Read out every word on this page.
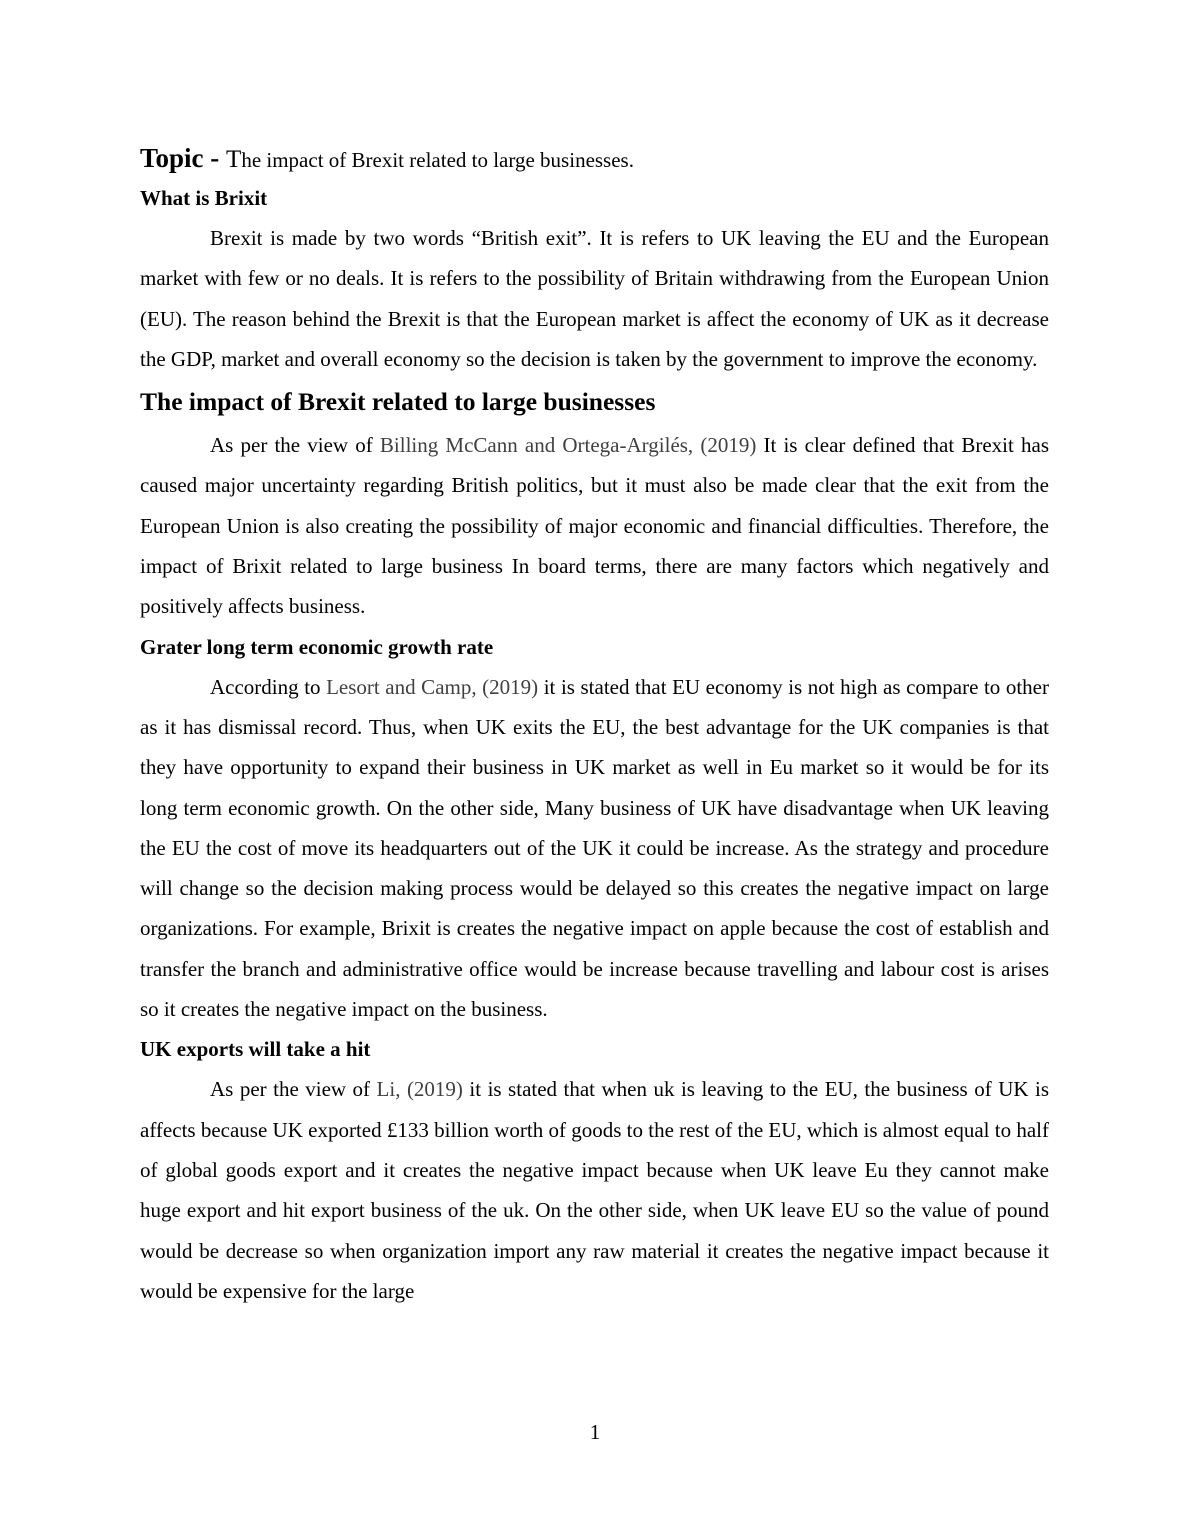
Topic - The impact of Brexit related to large businesses.

What is Brixit

Brexit is made by two words “British exit”. It is refers to UK leaving the EU and the European market with few or no deals. It is refers to the possibility of Britain withdrawing from the European Union (EU). The reason behind the Brexit is that the European market is affect the economy of UK as it decrease the GDP, market and overall economy so the decision is taken by the government to improve the economy.

The impact of Brexit related to large businesses

As per the view of Billing McCann and Ortega-Argilés, (2019) It is clear defined that Brexit has caused major uncertainty regarding British politics, but it must also be made clear that the exit from the European Union is also creating the possibility of major economic and financial difficulties. Therefore, the impact of Brixit related to large business In board terms, there are many factors which negatively and positively affects business.

Grater long term economic growth rate

According to Lesort and Camp, (2019) it is stated that EU economy is not high as compare to other as it has dismissal record. Thus, when UK exits the EU, the best advantage for the UK companies is that they have opportunity to expand their business in UK market as well in Eu market so it would be for its long term economic growth. On the other side, Many business of UK have disadvantage when UK leaving the EU the cost of move its headquarters out of the UK it could be increase. As the strategy and procedure will change so the decision making process would be delayed so this creates the negative impact on large organizations. For example, Brixit is creates the negative impact on apple because the cost of establish and transfer the branch and administrative office would be increase because travelling and labour cost is arises so it creates the negative impact on the business.

UK exports will take a hit

As per the view of Li, (2019) it is stated that when uk is leaving to the EU, the business of UK is affects because UK exported £133 billion worth of goods to the rest of the EU, which is almost equal to half of global goods export and it creates the negative impact because when UK leave Eu they cannot make huge export and hit export business of the uk. On the other side, when UK leave EU so the value of pound would be decrease so when organization import any raw material it creates the negative impact because it would be expensive for the large

1
